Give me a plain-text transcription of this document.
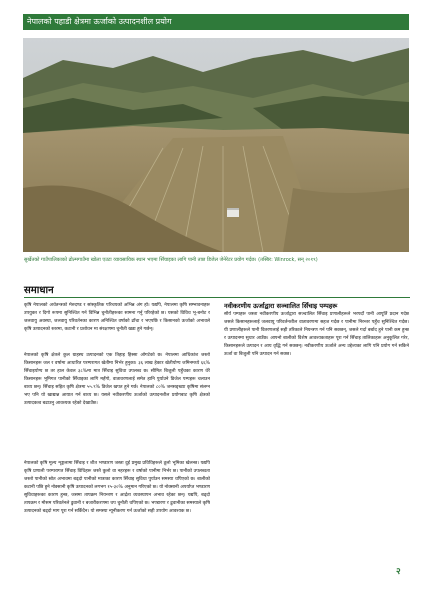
नेपालको पहाडी क्षेत्रमा ऊर्जाको उत्पादनशील प्रयोग
सुर्खेतको गाउँपालिकाको ढोल्मगाउँमा खोला एउटा व्यावसायिक स्थान भएमा सिँचाइका लागि पानी ताछ डिजेल जेनेरेटर प्रयोग गर्दछ। (तस्बिर: Winrock, सन् २०१९)
समाधान
कृषि नेपालको अर्थतन्त्रको मेरुदण्ड र सांस्कृतिक परिचयको अभिन्न अंग हो। यद्यपि, नेपालमा कृषि सम्भावनाहरू उपयुक्त र दिगो रूपमा सुनिश्चित गर्न विभिन्न चुनौतीहरूका सामना गर्नु परिरहेको छ। यसको विविध भू-बनोट र जलवायु अवस्था, जलवायु परिवर्तनका कारण अनिश्चित वर्षाको ढाँचा र भएपछि र किसानको ऊर्जाको अभावले कृषि उत्पादनको स्तरमा, कटानी र प्रशोधन मा संरक्षणमा चुनौती खडा हुने गर्छन्।
नेपालको कृषि क्षेत्रले कुल ग्राहस्थ उत्पादनको एक तिहाइ हिस्सा ओगटेको छ। नेपालमा आधिकांश जस्तो किसानहरू जल र वर्षामा आधारित परम्परागत खेतीमा निर्भर हुनुका। ३६ लाख हेक्टर खेतीयोग्य जमिनमध्ये ६६% सिँचाइयोग्य छ तर हाल केवल ३८%मा मात्र सिँचाइ सुविधा उपलब्ध छ। सीमित बिजुली पहुँचका कारण धेरै किसानहरू भूमिगत पानीको सिँचाइका लागि महँगो, वातावरणलाई समेत हानि पुर्याउने डिजेल पम्पहरू चलाउन बाध्य छन्। सिँचाइ सहित कृषि क्षेत्रमा ५५.९% डिजेल खपत हुने गर्छ। नेपालको ८०% जनसङ्ख्या कृषिमा संलग्न भए पनि यो खाद्यान्न आयात गर्न बाध्य छ। यसले नवीकरणीय ऊर्जाको उत्पादनशील प्रयोगबाट कृषि क्षेत्रको उत्पादकत्व बढाउनु आवश्यक रहेको देखाउँछ।
नेपालको कृषि मूल्य शृङ्खलामा सिँचाइ र शीत भण्डारण जस्ता दुई प्रमुख प्रविधिहरूले ठूलो भूमिका खेलन्छ। यद्यपि कृषि प्रणाली परम्परागत सिँचाइ विधिहरू जस्तै कुलो वा नहरहरू र वर्षाको पानीमा निर्भर छ। पानीको उपलब्धता जस्तो पानीको स्रोत अभावमा बढ्दो पानीको मात्राका कारण सिँचाइ सुविधा पुर्याउन समस्या थपिएको छ। बालीको कटानी पछि हुने नोक्सानी कृषि उत्पादनको लगभग १५-३०% अनुमान गरिएको छ। यो नोक्सानी अपर्याप्त भण्डारण सुविधाहरूका कारण हुन्छ, जसमा तापक्रम नियन्त्रण र आर्द्रता व्यवस्थापन अभाव रहेका छन्। यद्यपि, बढ्दो तापक्रम र मौसम परिवर्तनले ढुवानी र बजारीकरणमा थप चुनौती थपिएको छ। भण्डारण र ढुवानीका समस्याले कृषि उत्पादनको बढ्दो माग पूरा गर्न सकिँदैन। यो समस्या न्यूनीकरण गर्न ऊर्जाको सही उपयोग आवश्यक छ।
नवीकरणीय ऊर्जाद्वारा सञ्चालित सिँचाइ पम्पहरू
सौर्य पम्पहरू जस्ता नवीकरणीय ऊर्जाद्वारा सञ्चालित सिँचाइ प्रणालीहरूले भरपर्दो पानी आपूर्ति प्रदान गर्दछ जसले किसानहरूलाई जलवायु परिवर्तनशील वातावरणमा सहज गर्दछ र पानीमा निरन्तर पहुँच सुनिश्चित गर्दछ। यी प्रणालीहरूले पानी वितरणलाई सही तरिकाले नियन्त्रण गर्न पनि सक्छन्, जसले गर्दा बर्बाद हुने पानी कम हुन्छ र उत्पादनमा सुधार आउँछ। आफ्नो बालीको विशेष आवश्यकताहरू पूरा गर्न सिँचाइ तालिकाहरू अनुकूलित गरेर, किसानहरूले उत्पादन र आय वृद्धि गर्न सक्छन्। नवीकरणीय ऊर्जाले अन्य उद्देश्यका लागि पनि प्रयोग गर्न सकिने ऊर्जा वा बिजुली पनि उत्पादन गर्न सक्छ।
२
